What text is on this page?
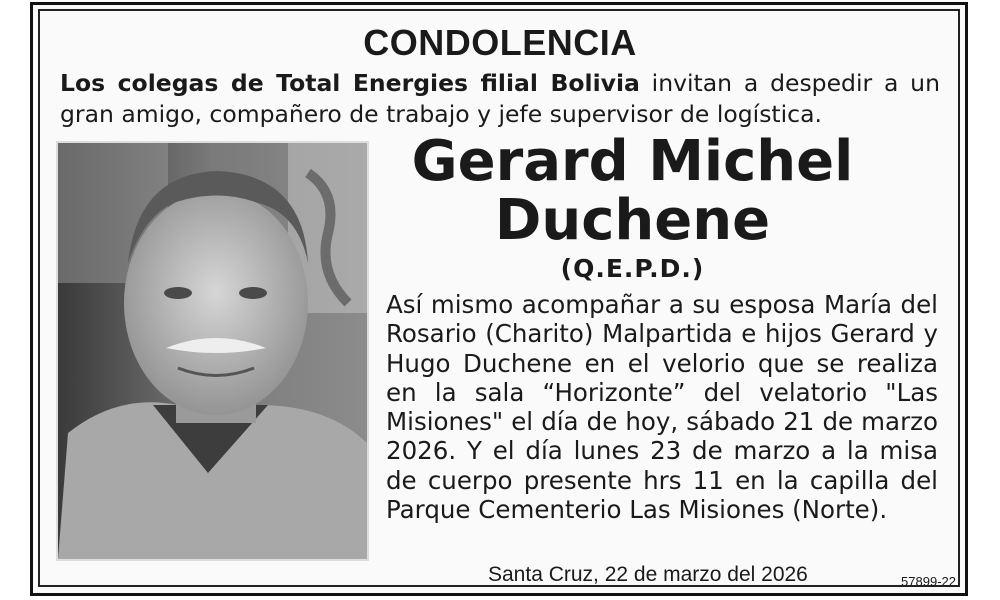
CONDOLENCIA
Los colegas de Total Energies filial Bolivia invitan a despedir a un gran amigo, compañero de trabajo y jefe supervisor de logística.
Gerard Michel
Duchene
(Q.E.P.D.)
Así mismo acompañar a su esposa María del Rosario (Charito) Malpartida e hijos Gerard y Hugo Duchene en el velorio que se realiza en la sala “Horizonte” del velatorio "Las Misiones" el día de hoy, sábado 21 de marzo 2026. Y el día lunes 23 de marzo a la misa de cuerpo presente hrs 11 en la capilla del Parque Cementerio Las Misiones (Norte).
Santa Cruz, 22 de marzo del 2026	57899-22
